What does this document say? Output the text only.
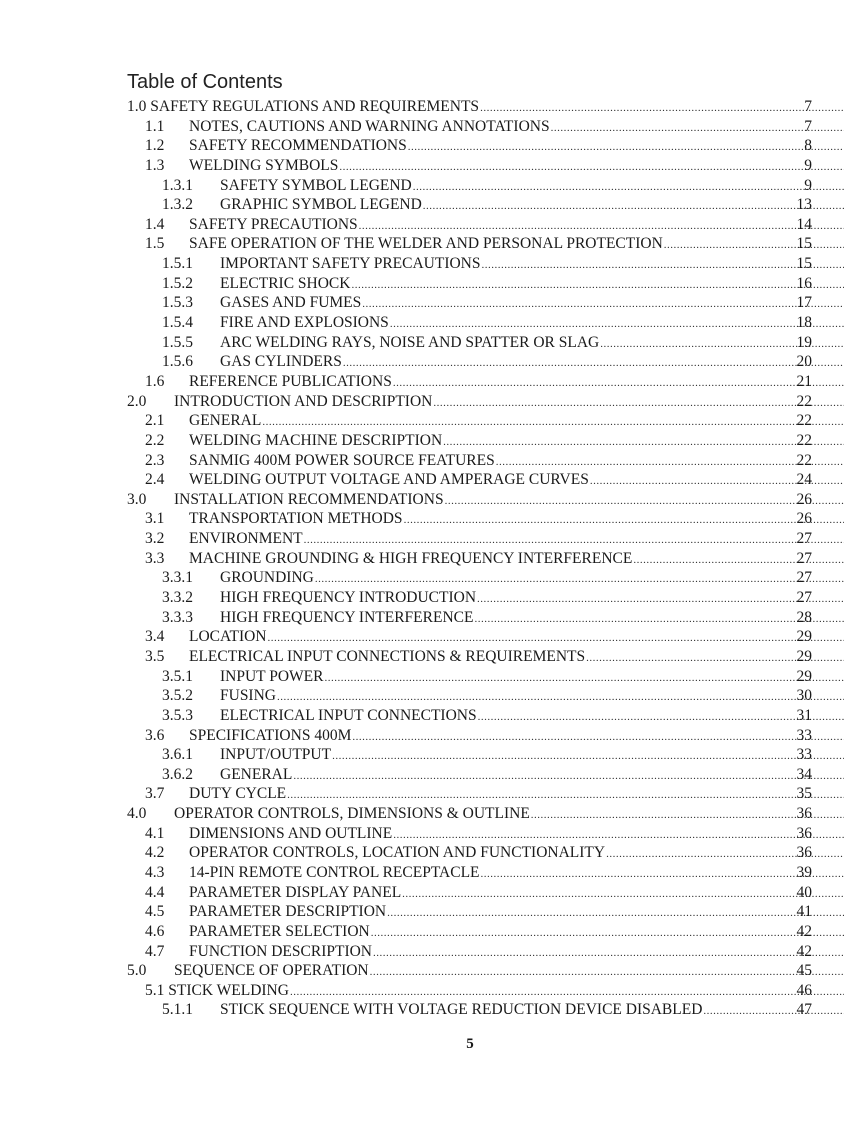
Table of Contents
1.0 SAFETY REGULATIONS AND REQUIREMENTS .....	7
1.1 NOTES, CAUTIONS AND WARNING ANNOTATIONS .....	7
1.2 SAFETY RECOMMENDATIONS .....	8
1.3 WELDING SYMBOLS .....	9
1.3.1 SAFETY SYMBOL LEGEND .....	9
1.3.2 GRAPHIC SYMBOL LEGEND .....	13
1.4 SAFETY PRECAUTIONS .....	14
1.5 SAFE OPERATION OF THE WELDER AND PERSONAL PROTECTION .....	15
1.5.1 IMPORTANT SAFETY PRECAUTIONS .....	15
1.5.2 ELECTRIC SHOCK .....	16
1.5.3 GASES AND FUMES .....	17
1.5.4 FIRE AND EXPLOSIONS .....	18
1.5.5 ARC WELDING RAYS, NOISE AND SPATTER OR SLAG .....	19
1.5.6 GAS CYLINDERS .....	20
1.6 REFERENCE PUBLICATIONS .....	21
2.0 INTRODUCTION AND DESCRIPTION .....	22
2.1 GENERAL .....	22
2.2 WELDING MACHINE DESCRIPTION .....	22
2.3 SANMIG 400M POWER SOURCE FEATURES .....	22
2.4 WELDING OUTPUT VOLTAGE AND AMPERAGE CURVES .....	24
3.0 INSTALLATION RECOMMENDATIONS .....	26
3.1 TRANSPORTATION METHODS .....	26
3.2 ENVIRONMENT .....	27
3.3 MACHINE GROUNDING & HIGH FREQUENCY INTERFERENCE .....	27
3.3.1 GROUNDING .....	27
3.3.2 HIGH FREQUENCY INTRODUCTION .....	27
3.3.3 HIGH FREQUENCY INTERFERENCE .....	28
3.4 LOCATION .....	29
3.5 ELECTRICAL INPUT CONNECTIONS & REQUIREMENTS .....	29
3.5.1 INPUT POWER .....	29
3.5.2 FUSING .....	30
3.5.3 ELECTRICAL INPUT CONNECTIONS .....	31
3.6 SPECIFICATIONS 400M .....	33
3.6.1 INPUT/OUTPUT .....	33
3.6.2 GENERAL .....	34
3.7 DUTY CYCLE .....	35
4.0 OPERATOR CONTROLS, DIMENSIONS & OUTLINE .....	36
4.1 DIMENSIONS AND OUTLINE .....	36
4.2 OPERATOR CONTROLS, LOCATION AND FUNCTIONALITY .....	36
4.3 14-PIN REMOTE CONTROL RECEPTACLE .....	39
4.4 PARAMETER DISPLAY PANEL .....	40
4.5 PARAMETER DESCRIPTION .....	41
4.6 PARAMETER SELECTION .....	42
4.7 FUNCTION DESCRIPTION .....	42
5.0 SEQUENCE OF OPERATION .....	45
5.1 STICK WELDING .....	46
5.1.1 STICK SEQUENCE WITH VOLTAGE REDUCTION DEVICE DISABLED .....	47
5
